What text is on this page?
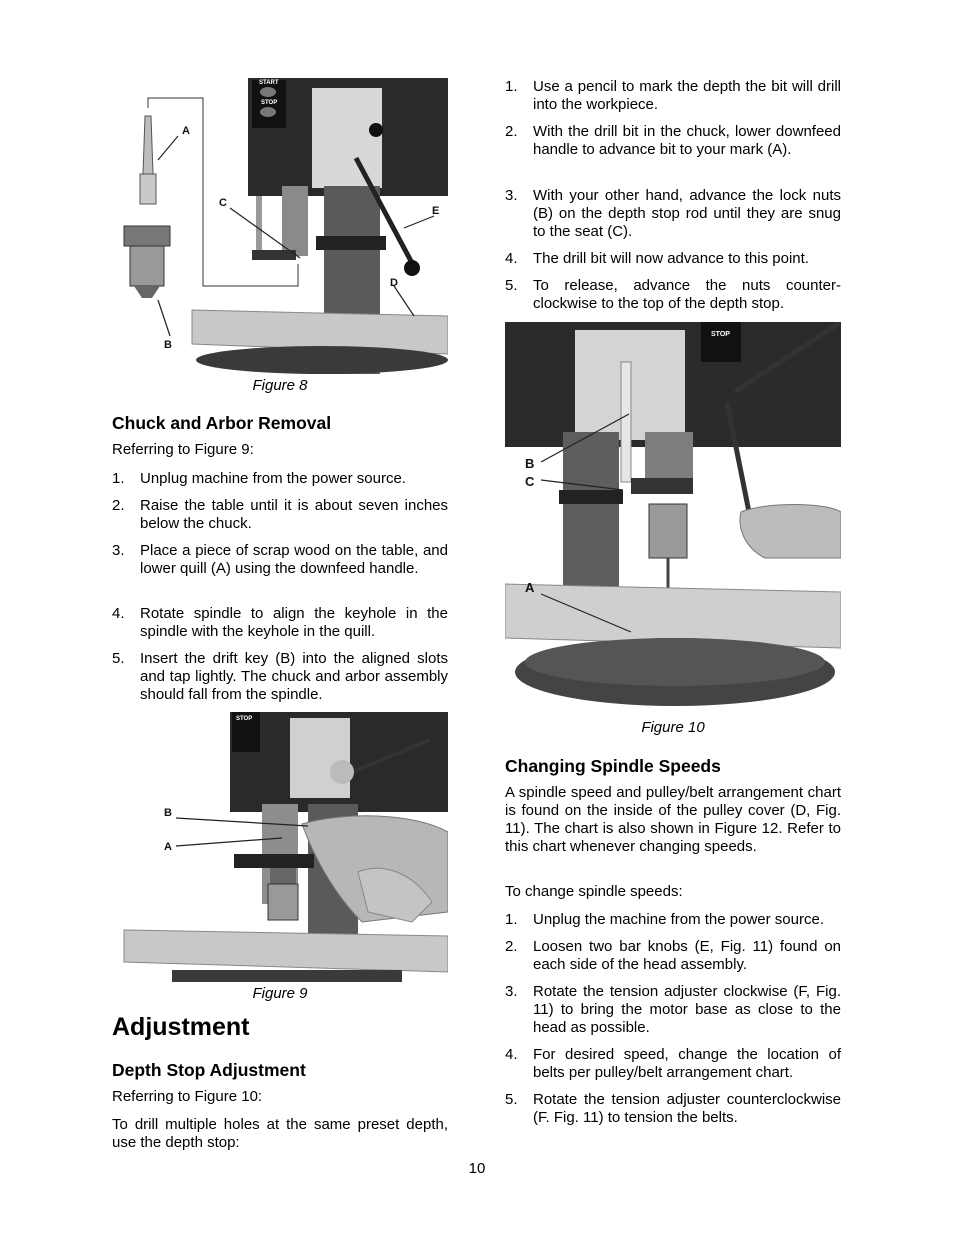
START
STOP
A
B
C
D
E
Figure 8
Chuck and Arbor Removal
Referring to Figure 9:
1.	Unplug machine from the power source.
2.	Raise the table until it is about seven inches below the chuck.
3.	Place a piece of scrap wood on the table, and lower quill (A) using the downfeed handle.
4.	Rotate spindle to align the keyhole in the spindle with the keyhole in the quill.
5.	Insert the drift key (B) into the aligned slots and tap lightly. The chuck and arbor assembly should fall from the spindle.
STOP
B
A
Figure 9
Adjustment
Depth Stop Adjustment
Referring to Figure 10:
To drill multiple holes at the same preset depth, use the depth stop:
1.	Use a pencil to mark the depth the bit will drill into the workpiece.
2.	With the drill bit in the chuck, lower downfeed handle to advance bit to your mark (A).
3.	With your other hand, advance the lock nuts (B) on the depth stop rod until they are snug to the seat (C).
4.	The drill bit will now advance to this point.
5.	To release, advance the nuts counter-clockwise to the top of the depth stop.
STOP
B
C
A
Figure 10
Changing Spindle Speeds
A spindle speed and pulley/belt arrangement chart is found on the inside of the pulley cover (D, Fig. 11). The chart is also shown in Figure 12. Refer to this chart whenever changing speeds.
To change spindle speeds:
1.	Unplug the machine from the power source.
2.	Loosen two bar knobs (E, Fig. 11) found on each side of the head assembly.
3.	Rotate the tension adjuster clockwise (F, Fig. 11) to bring the motor base as close to the head as possible.
4.	For desired speed, change the location of belts per pulley/belt arrangement chart.
5.	Rotate the tension adjuster counterclockwise (F. Fig. 11) to tension the belts.
10
